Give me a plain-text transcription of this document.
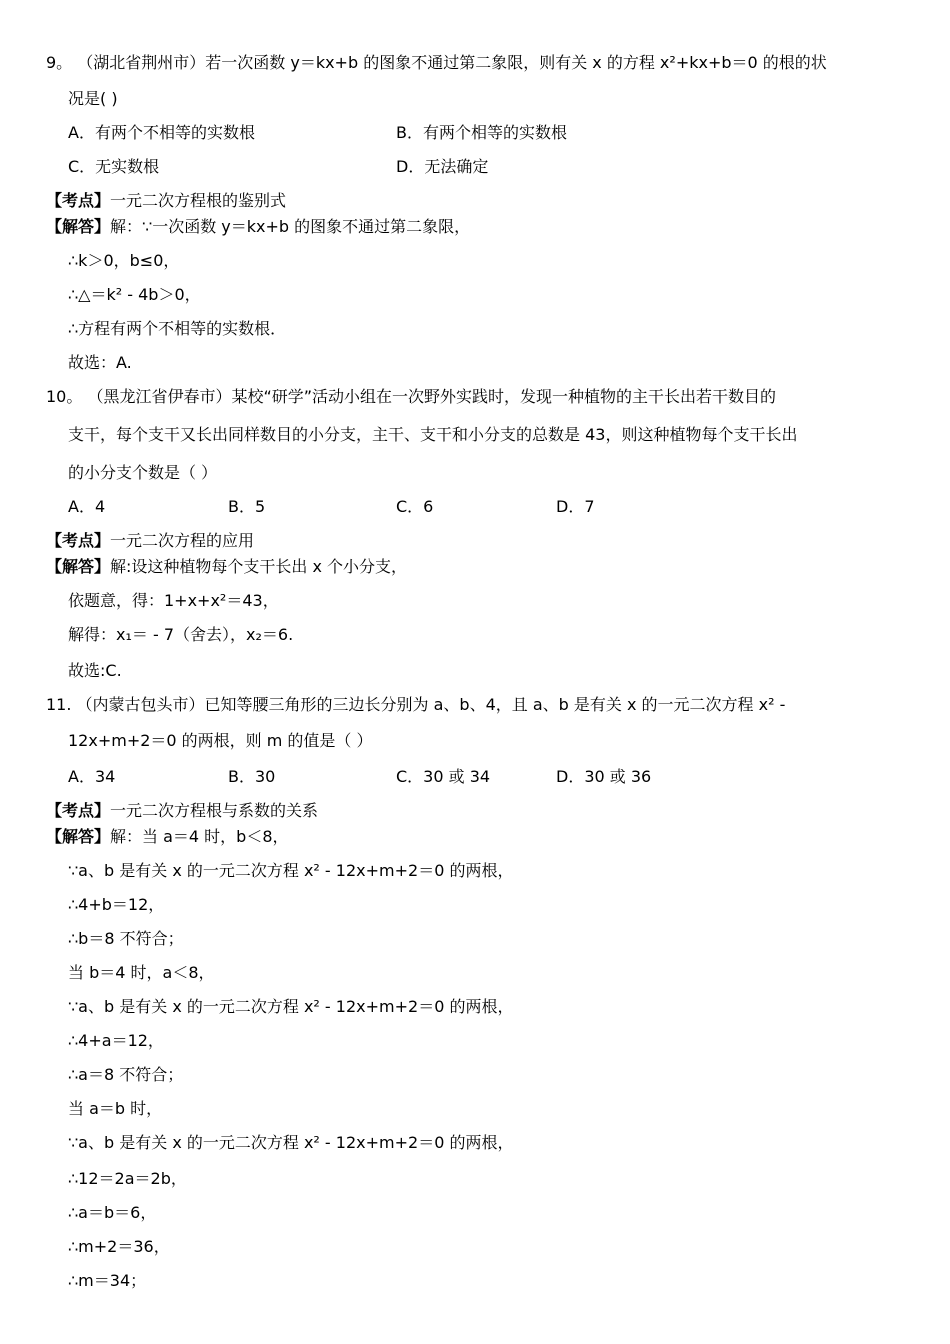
9。 （湖北省荆州市）若一次函数 y＝kx+b 的图象不通过第二象限，则有关 x 的方程 x²+kx+b＝0 的根的状
况是( )
A．有两个不相等的实数根	B．有两个相等的实数根
C．无实数根	D．无法确定
【考点】一元二次方程根的鉴别式
【解答】解：∵一次函数 y＝kx+b 的图象不通过第二象限，
∴k＞0，b≤0，
∴△＝k² - 4b＞0，
∴方程有两个不相等的实数根．
故选：A.
10。 （黑龙江省伊春市）某校“研学”活动小组在一次野外实践时，发现一种植物的主干长出若干数目的
支干，每个支干又长出同样数目的小分支，主干、支干和小分支的总数是 43，则这种植物每个支干长出
的小分支个数是（ ）
A．4	B．5	C．6	D．7
【考点】一元二次方程的应用
【解答】解:设这种植物每个支干长出 x 个小分支，
依题意，得：1+x+x²＝43，
解得：x₁＝ - 7（舍去），x₂＝6.
故选:C.
11. （内蒙古包头市）已知等腰三角形的三边长分别为 a、b、4，且 a、b 是有关 x 的一元二次方程 x² -
12x+m+2＝0 的两根，则 m 的值是（ ）
A．34	B．30	C．30 或 34	D．30 或 36
【考点】一元二次方程根与系数的关系
【解答】解：当 a＝4 时，b＜8，
∵a、b 是有关 x 的一元二次方程 x² - 12x+m+2＝0 的两根，
∴4+b＝12，
∴b＝8 不符合；
当 b＝4 时，a＜8，
∵a、b 是有关 x 的一元二次方程 x² - 12x+m+2＝0 的两根，
∴4+a＝12，
∴a＝8 不符合；
当 a＝b 时，
∵a、b 是有关 x 的一元二次方程 x² - 12x+m+2＝0 的两根，
∴12＝2a＝2b，
∴a＝b＝6，
∴m+2＝36，
∴m＝34；
